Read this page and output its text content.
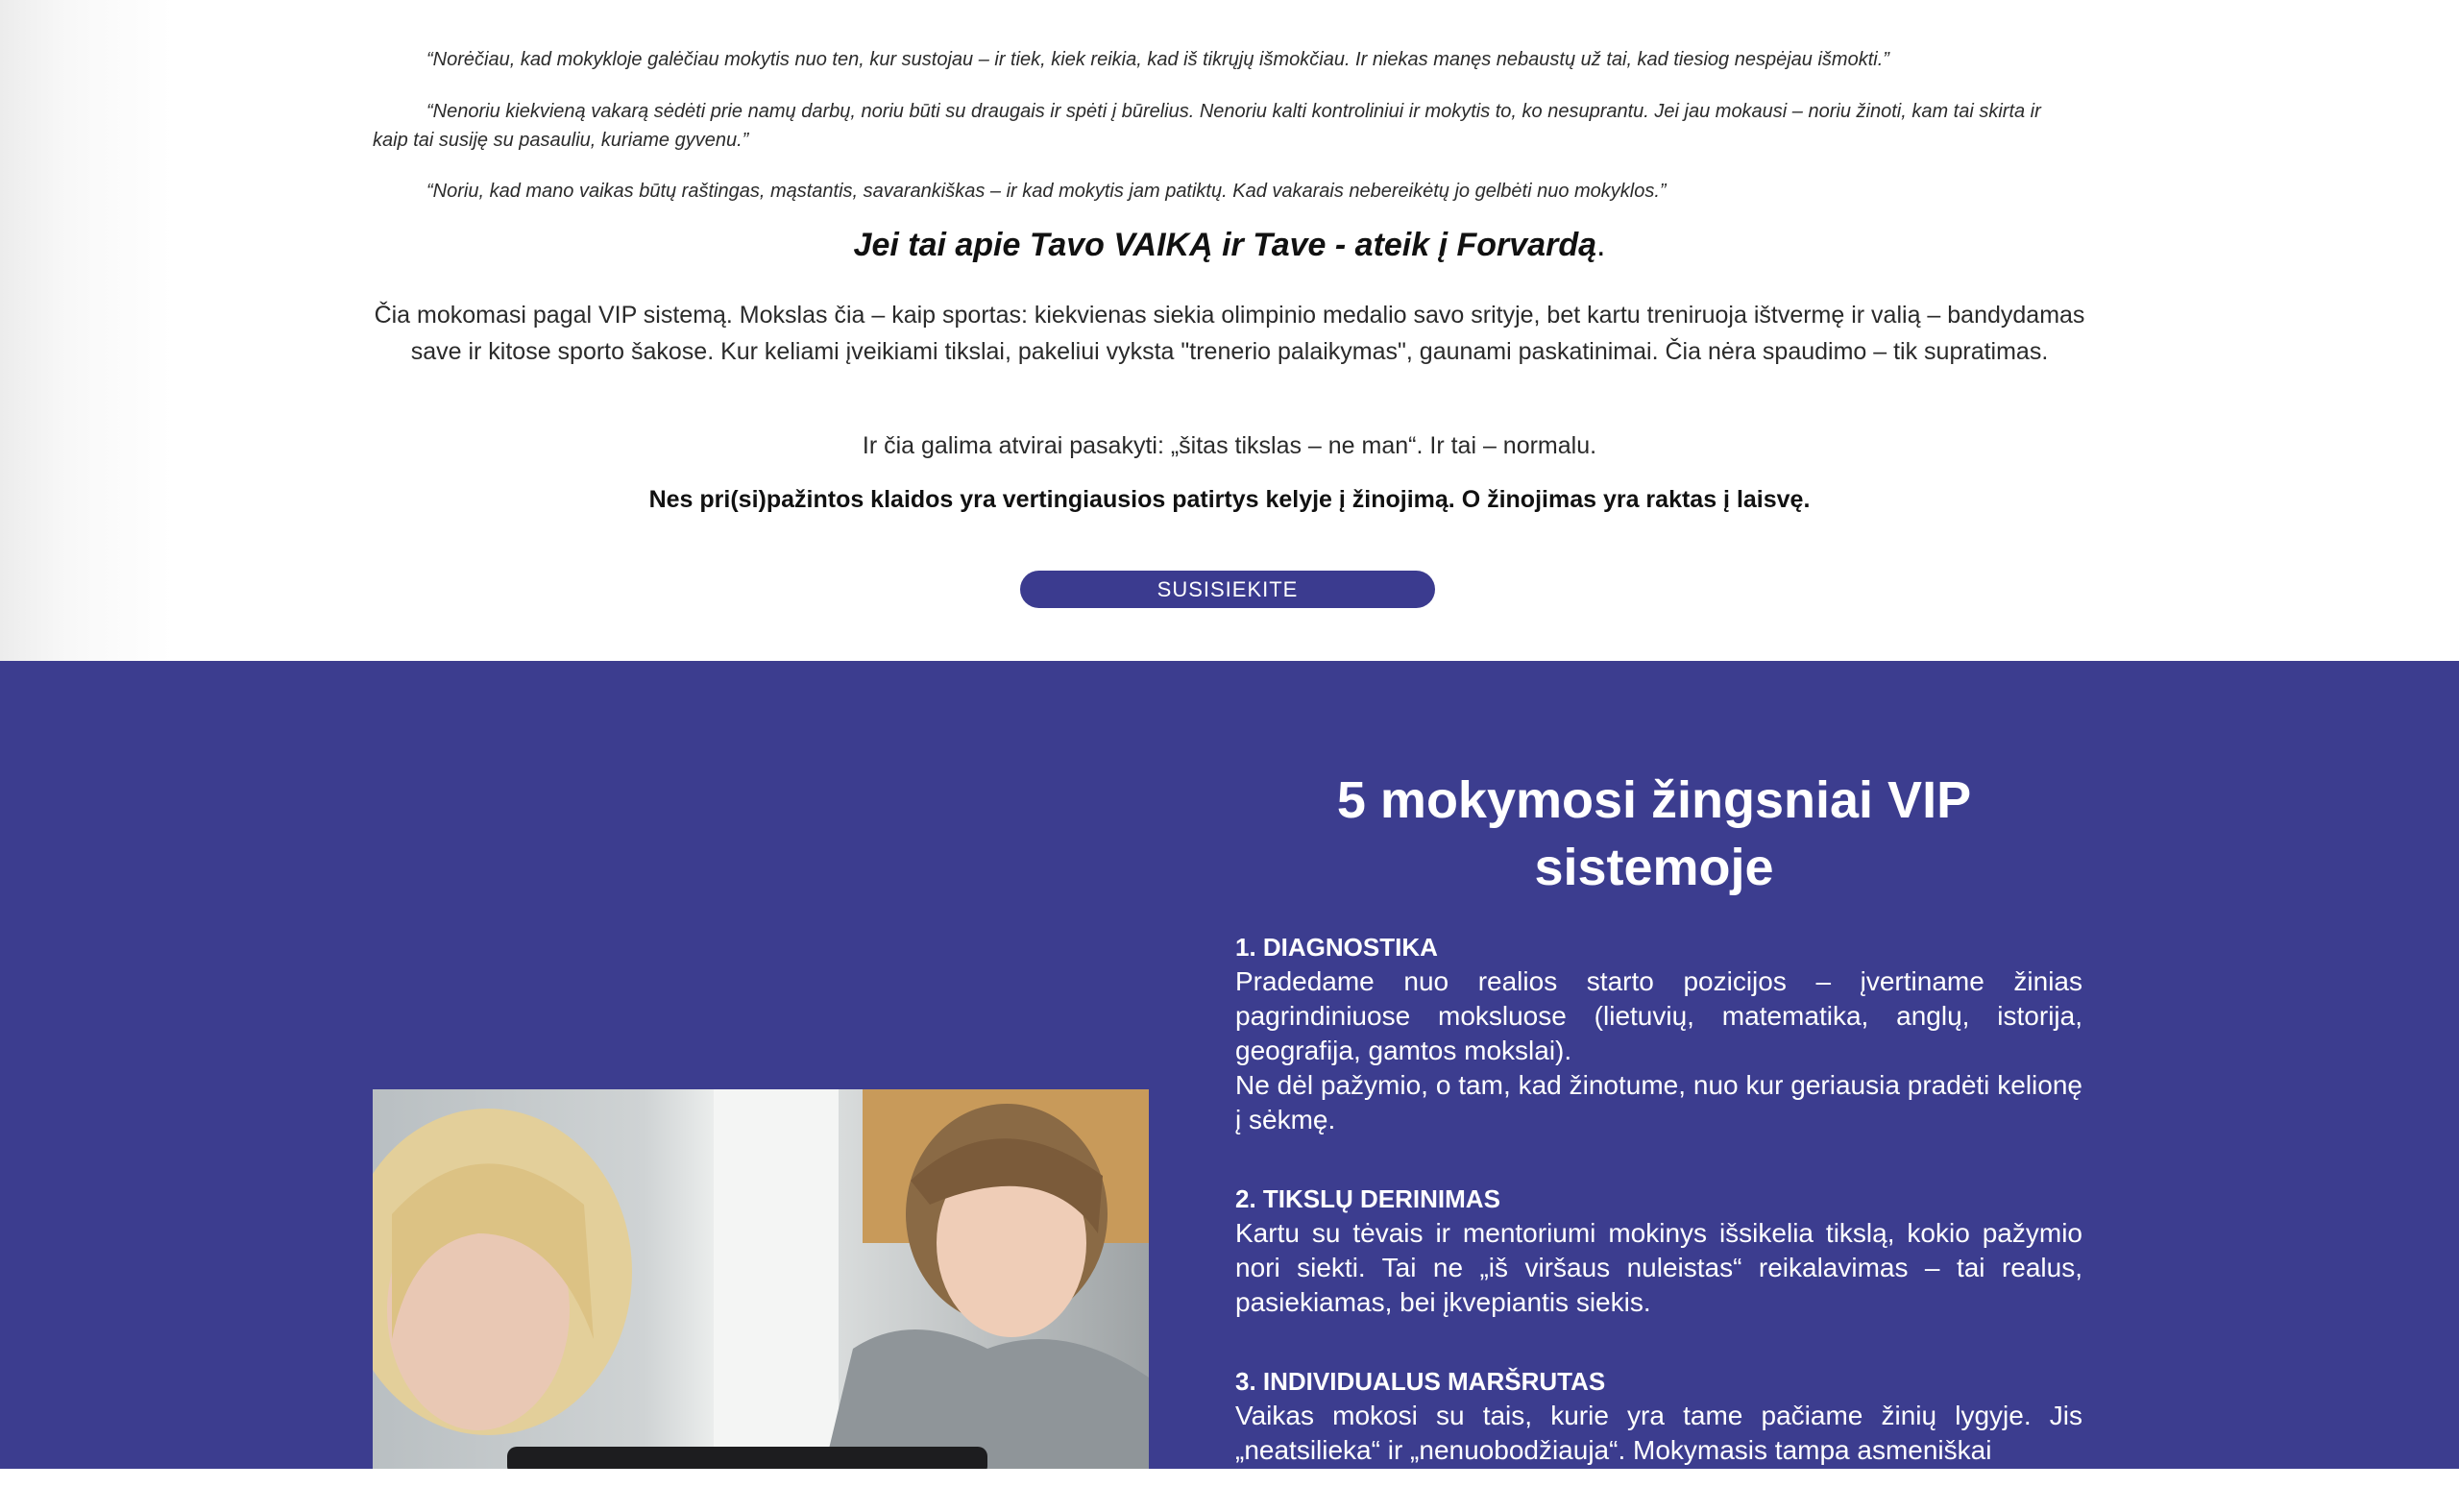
“Norėčiau, kad mokykloje galėčiau mokytis nuo ten, kur sustojau – ir tiek, kiek reikia, kad iš tikrųjų išmokčiau. Ir niekas manęs nebaustų už tai, kad tiesiog nespėjau išmokti.”

“Nenoriu kiekvieną vakarą sėdėti prie namų darbų, noriu būti su draugais ir spėti į būrelius. Nenoriu kalti kontroliniui ir mokytis to, ko nesuprantu. Jei jau mokausi – noriu žinoti, kam tai skirta ir kaip tai susiję su pasauliu, kuriame gyvenu.”

“Noriu, kad mano vaikas būtų raštingas, mąstantis, savarankiškas – ir kad mokytis jam patiktų. Kad vakarais nebereikėtų jo gelbėti nuo mokyklos.”

Jei tai apie Tavo VAIKĄ ir Tave - ateik į Forvardą.

Čia mokomasi pagal VIP sistemą. Mokslas čia – kaip sportas: kiekvienas siekia olimpinio medalio savo srityje, bet kartu treniruoja ištvermę ir valią – bandydamas save ir kitose sporto šakose. Kur keliami įveikiami tikslai, pakeliui vyksta "trenerio palaikymas", gaunami paskatinimai. Čia nėra spaudimo – tik supratimas.

Ir čia galima atvirai pasakyti: „šitas tikslas – ne man“. Ir tai – normalu.

Nes pri(si)pažintos klaidos yra vertingiausios patirtys kelyje į žinojimą. O žinojimas yra raktas į laisvę.
SUSISIEKITE
5 mokymosi žingsniai VIP sistemoje
1. DIAGNOSTIKA

Pradedame nuo realios starto pozicijos – įvertiname žinias pagrindiniuose moksluose (lietuvių, matematika, anglų, istorija, geografija, gamtos mokslai).

Ne dėl pažymio, o tam, kad žinotume, nuo kur geriausia pradėti kelionę į sėkmę.

2. TIKSLŲ DERINIMAS

Kartu su tėvais ir mentoriumi mokinys išsikelia tikslą, kokio pažymio nori siekti. Tai ne „iš viršaus nuleistas“ reikalavimas – tai realus, pasiekiamas, bei įkvepiantis siekis.

3. INDIVIDUALUS MARŠRUTAS

Vaikas mokosi su tais, kurie yra tame pačiame žinių lygyje. Jis „neatsilieka“ ir „nenuobodžiauja“. Mokymasis tampa asmeniškai
